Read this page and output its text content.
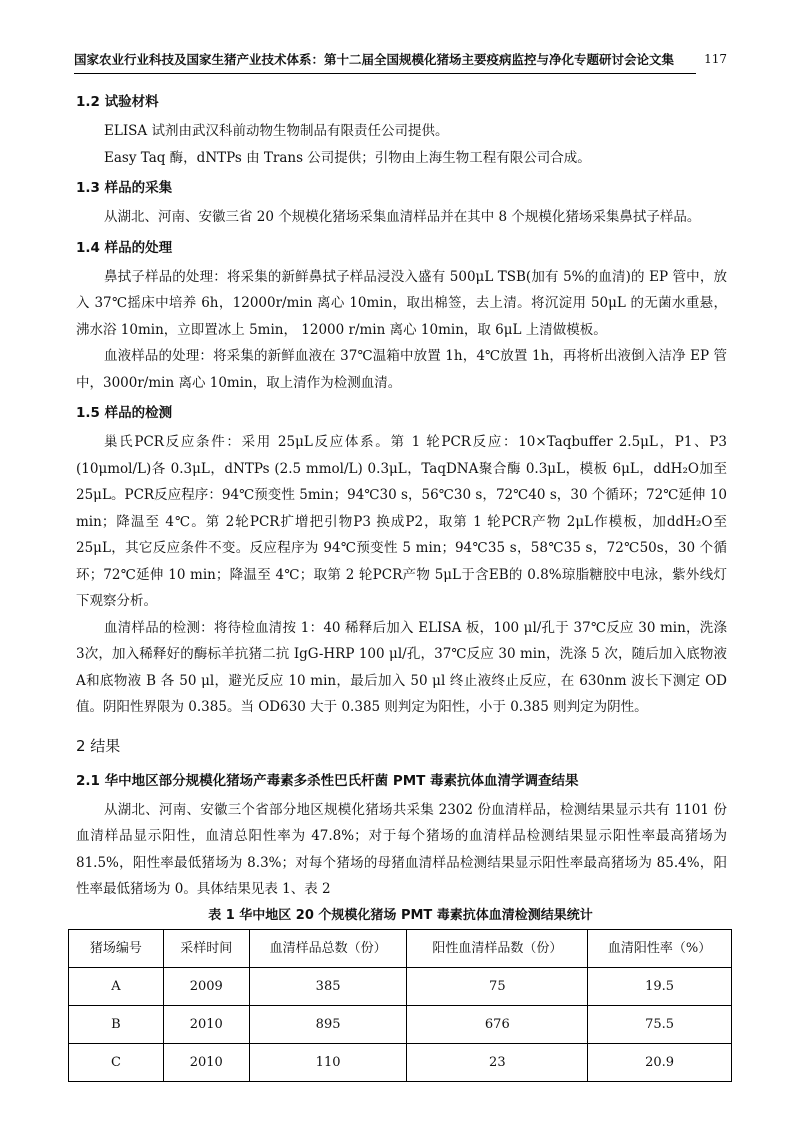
国家农业行业科技及国家生猪产业技术体系：第十二届全国规模化猪场主要疫病监控与净化专题研讨会论文集	117
1.2 试验材料
ELISA 试剂由武汉科前动物生物制品有限责任公司提供。
Easy Taq 酶，dNTPs 由 Trans 公司提供；引物由上海生物工程有限公司合成。
1.3 样品的采集
从湖北、河南、安徽三省 20 个规模化猪场采集血清样品并在其中 8 个规模化猪场采集鼻拭子样品。
1.4 样品的处理
鼻拭子样品的处理：将采集的新鲜鼻拭子样品浸没入盛有 500μL TSB(加有 5%的血清)的 EP 管中，放入 37℃摇床中培养 6h，12000r/min 离心 10min，取出棉签，去上清。将沉淀用 50μL 的无菌水重悬，沸水浴 10min，立即置冰上 5min， 12000 r/min 离心 10min，取 6μL 上清做模板。
血液样品的处理：将采集的新鲜血液在 37℃温箱中放置 1h，4℃放置 1h，再将析出液倒入洁净 EP 管中，3000r/min 离心 10min，取上清作为检测血清。
1.5 样品的检测
巢氏PCR反应条件：采用 25μL反应体系。第 1 轮PCR反应：10×Taqbuffer 2.5μL，P1、P3 (10μmol/L)各 0.3μL，dNTPs (2.5 mmol/L) 0.3μL，TaqDNA聚合酶 0.3μL，模板 6μL，ddH₂O加至 25μL。PCR反应程序：94℃预变性 5min；94℃30 s，56℃30 s，72℃40 s，30 个循环；72℃延伸 10 min；降温至 4℃。第 2轮PCR扩增把引物P3 换成P2，取第 1 轮PCR产物 2μL作模板，加ddH₂O至 25μL，其它反应条件不变。反应程序为 94℃预变性 5 min；94℃35 s，58℃35 s，72℃50s，30 个循环；72℃延伸 10 min；降温至 4℃；取第 2 轮PCR产物 5μL于含EB的 0.8%琼脂糖胶中电泳，紫外线灯下观察分析。
血清样品的检测：将待检血清按 1：40 稀释后加入 ELISA 板，100 μl/孔于 37℃反应 30 min，洗涤 3次，加入稀释好的酶标羊抗猪二抗 IgG-HRP 100 μl/孔，37℃反应 30 min，洗涤 5 次，随后加入底物液 A和底物液 B 各 50 μl，避光反应 10 min，最后加入 50 μl 终止液终止反应，在 630nm 波长下测定 OD 值。阴阳性界限为 0.385。当 OD630 大于 0.385 则判定为阳性，小于 0.385 则判定为阴性。
2 结果
2.1 华中地区部分规模化猪场产毒素多杀性巴氏杆菌 PMT 毒素抗体血清学调查结果
从湖北、河南、安徽三个省部分地区规模化猪场共采集 2302 份血清样品，检测结果显示共有 1101 份血清样品显示阳性，血清总阳性率为 47.8%；对于每个猪场的血清样品检测结果显示阳性率最高猪场为81.5%，阳性率最低猪场为 8.3%；对每个猪场的母猪血清样品检测结果显示阳性率最高猪场为 85.4%，阳性率最低猪场为 0。具体结果见表 1、表 2
表 1 华中地区 20 个规模化猪场 PMT 毒素抗体血清检测结果统计
猪场编号	采样时间	血清样品总数（份）	阳性血清样品数（份）	血清阳性率（%）
A	2009	385	75	19.5
B	2010	895	676	75.5
C	2010	110	23	20.9
